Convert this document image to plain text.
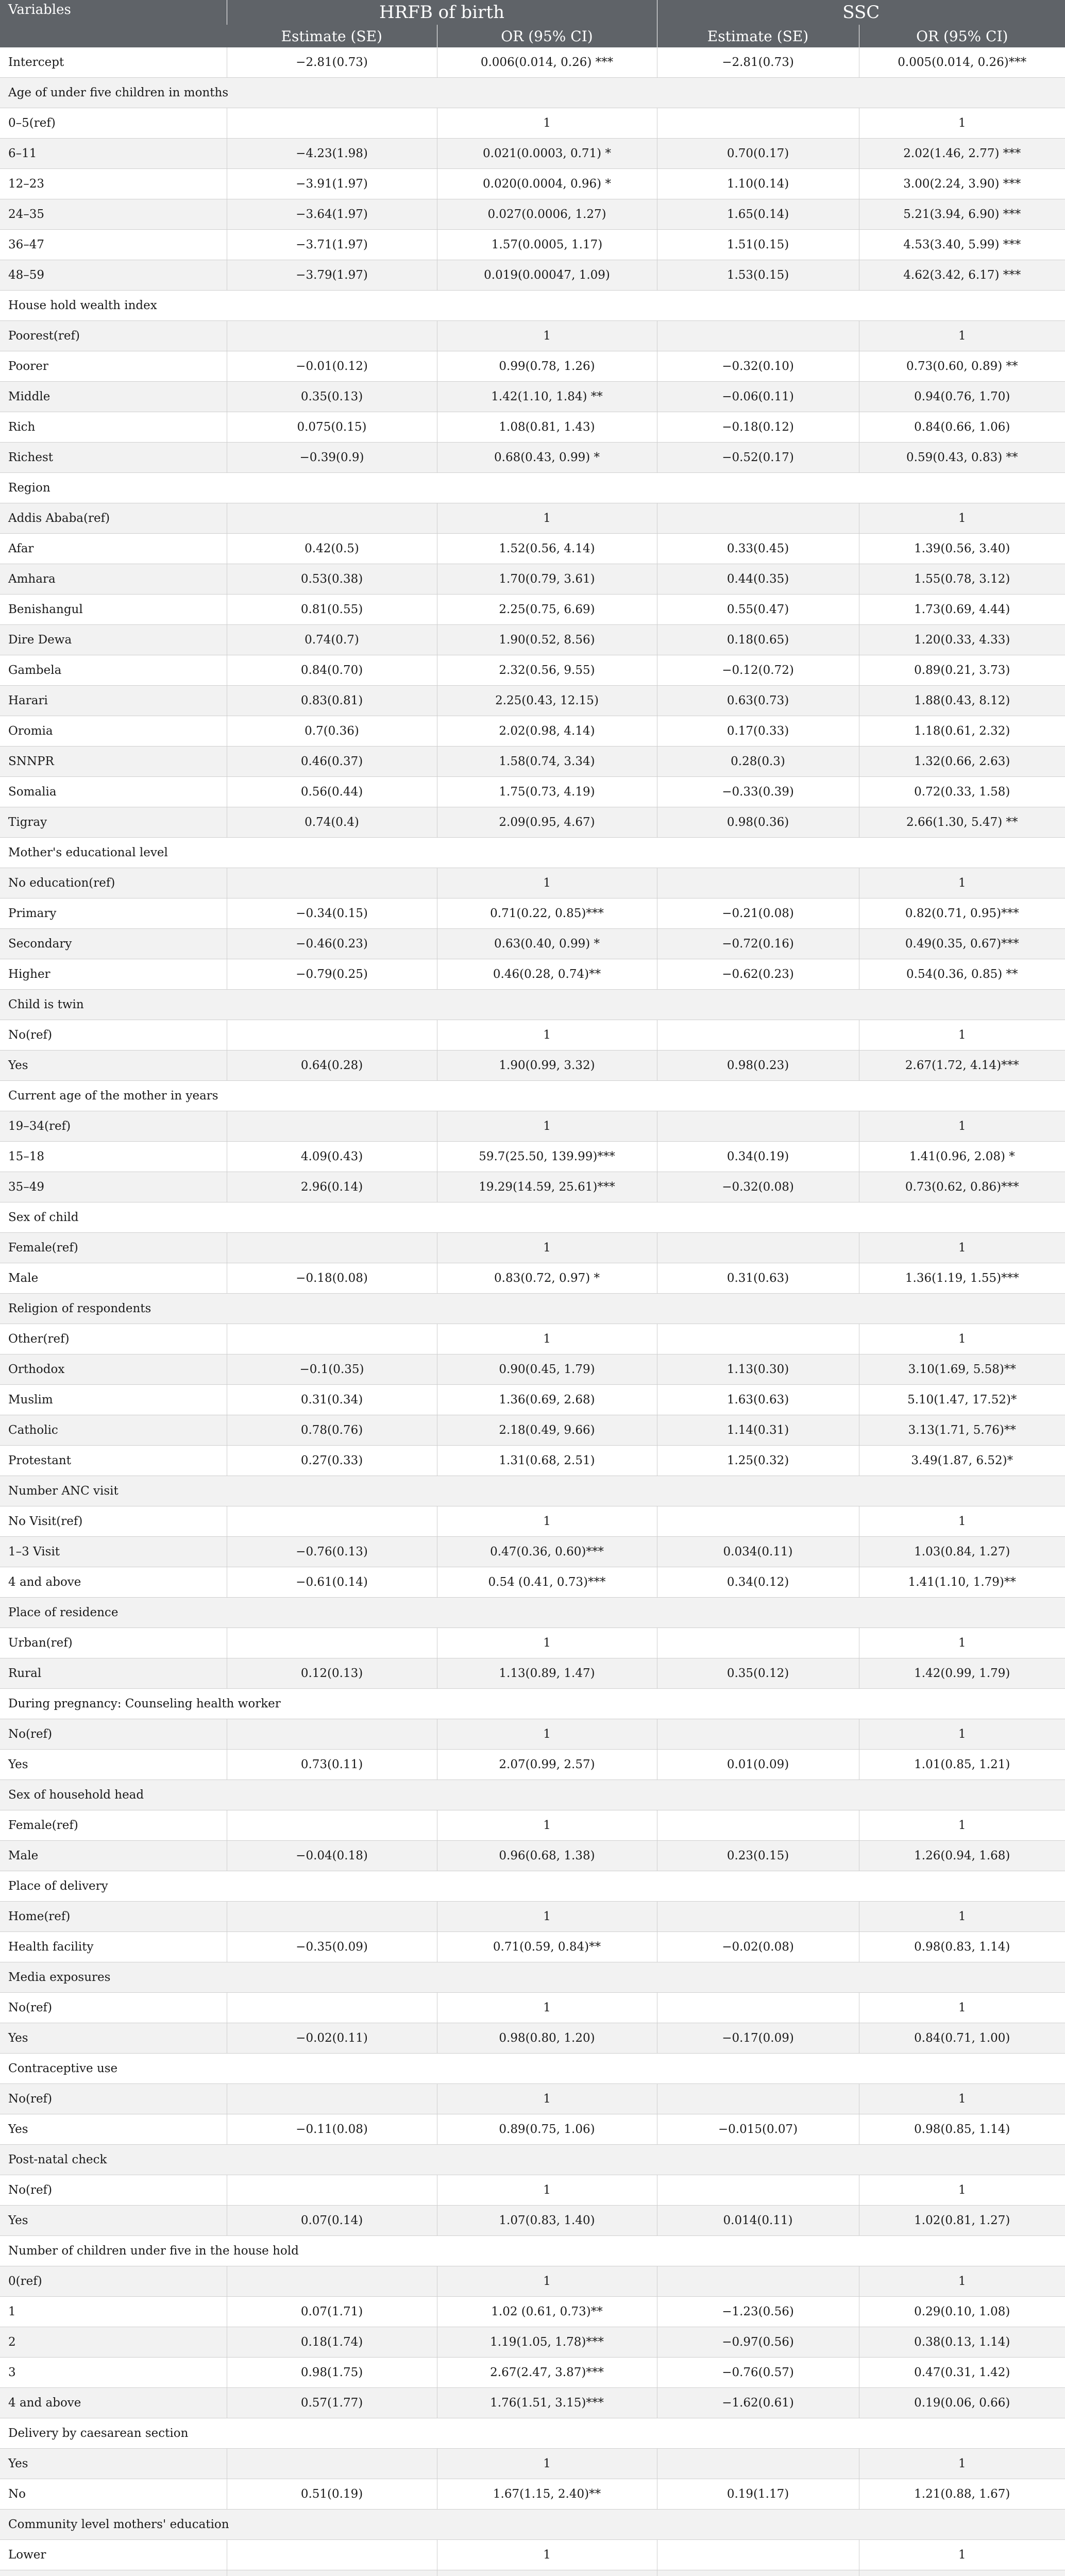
Variables	HRFB of birth		SSC	
	Estimate (SE)	OR (95% CI)	Estimate (SE)	OR (95% CI)
Intercept	−2.81(0.73)	0.006(0.014, 0.26) ***	−2.81(0.73)	0.005(0.014, 0.26)***
Age of under five children in months				
0–5(ref)		1		1
6–11	−4.23(1.98)	0.021(0.0003, 0.71) *	0.70(0.17)	2.02(1.46, 2.77) ***
12–23	−3.91(1.97)	0.020(0.0004, 0.96) *	1.10(0.14)	3.00(2.24, 3.90) ***
24–35	−3.64(1.97)	0.027(0.0006, 1.27)	1.65(0.14)	5.21(3.94, 6.90) ***
36–47	−3.71(1.97)	1.57(0.0005, 1.17)	1.51(0.15)	4.53(3.40, 5.99) ***
48–59	−3.79(1.97)	0.019(0.00047, 1.09)	1.53(0.15)	4.62(3.42, 6.17) ***
House hold wealth index				
Poorest(ref)		1		1
Poorer	−0.01(0.12)	0.99(0.78, 1.26)	−0.32(0.10)	0.73(0.60, 0.89) **
Middle	0.35(0.13)	1.42(1.10, 1.84) **	−0.06(0.11)	0.94(0.76, 1.70)
Rich	0.075(0.15)	1.08(0.81, 1.43)	−0.18(0.12)	0.84(0.66, 1.06)
Richest	−0.39(0.9)	0.68(0.43, 0.99) *	−0.52(0.17)	0.59(0.43, 0.83) **
Region				
Addis Ababa(ref)		1		1
Afar	0.42(0.5)	1.52(0.56, 4.14)	0.33(0.45)	1.39(0.56, 3.40)
Amhara	0.53(0.38)	1.70(0.79, 3.61)	0.44(0.35)	1.55(0.78, 3.12)
Benishangul	0.81(0.55)	2.25(0.75, 6.69)	0.55(0.47)	1.73(0.69, 4.44)
Dire Dewa	0.74(0.7)	1.90(0.52, 8.56)	0.18(0.65)	1.20(0.33, 4.33)
Gambela	0.84(0.70)	2.32(0.56, 9.55)	−0.12(0.72)	0.89(0.21, 3.73)
Harari	0.83(0.81)	2.25(0.43, 12.15)	0.63(0.73)	1.88(0.43, 8.12)
Oromia	0.7(0.36)	2.02(0.98, 4.14)	0.17(0.33)	1.18(0.61, 2.32)
SNNPR	0.46(0.37)	1.58(0.74, 3.34)	0.28(0.3)	1.32(0.66, 2.63)
Somalia	0.56(0.44)	1.75(0.73, 4.19)	−0.33(0.39)	0.72(0.33, 1.58)
Tigray	0.74(0.4)	2.09(0.95, 4.67)	0.98(0.36)	2.66(1.30, 5.47) **
Mother's educational level				
No education(ref)		1		1
Primary	−0.34(0.15)	0.71(0.22, 0.85)***	−0.21(0.08)	0.82(0.71, 0.95)***
Secondary	−0.46(0.23)	0.63(0.40, 0.99) *	−0.72(0.16)	0.49(0.35, 0.67)***
Higher	−0.79(0.25)	0.46(0.28, 0.74)**	−0.62(0.23)	0.54(0.36, 0.85) **
Child is twin				
No(ref)		1		1
Yes	0.64(0.28)	1.90(0.99, 3.32)	0.98(0.23)	2.67(1.72, 4.14)***
Current age of the mother in years				
19–34(ref)		1		1
15–18	4.09(0.43)	59.7(25.50, 139.99)***	0.34(0.19)	1.41(0.96, 2.08) *
35–49	2.96(0.14)	19.29(14.59, 25.61)***	−0.32(0.08)	0.73(0.62, 0.86)***
Sex of child				
Female(ref)		1		1
Male	−0.18(0.08)	0.83(0.72, 0.97) *	0.31(0.63)	1.36(1.19, 1.55)***
Religion of respondents				
Other(ref)		1		1
Orthodox	−0.1(0.35)	0.90(0.45, 1.79)	1.13(0.30)	3.10(1.69, 5.58)**
Muslim	0.31(0.34)	1.36(0.69, 2.68)	1.63(0.63)	5.10(1.47, 17.52)*
Catholic	0.78(0.76)	2.18(0.49, 9.66)	1.14(0.31)	3.13(1.71, 5.76)**
Protestant	0.27(0.33)	1.31(0.68, 2.51)	1.25(0.32)	3.49(1.87, 6.52)*
Number ANC visit				
No Visit(ref)		1		1
1–3 Visit	−0.76(0.13)	0.47(0.36, 0.60)***	0.034(0.11)	1.03(0.84, 1.27)
4 and above	−0.61(0.14)	0.54 (0.41, 0.73)***	0.34(0.12)	1.41(1.10, 1.79)**
Place of residence				
Urban(ref)		1		1
Rural	0.12(0.13)	1.13(0.89, 1.47)	0.35(0.12)	1.42(0.99, 1.79)
During pregnancy: Counseling health worker				
No(ref)		1		1
Yes	0.73(0.11)	2.07(0.99, 2.57)	0.01(0.09)	1.01(0.85, 1.21)
Sex of household head				
Female(ref)		1		1
Male	−0.04(0.18)	0.96(0.68, 1.38)	0.23(0.15)	1.26(0.94, 1.68)
Place of delivery				
Home(ref)		1		1
Health facility	−0.35(0.09)	0.71(0.59, 0.84)**	−0.02(0.08)	0.98(0.83, 1.14)
Media exposures				
No(ref)		1		1
Yes	−0.02(0.11)	0.98(0.80, 1.20)	−0.17(0.09)	0.84(0.71, 1.00)
Contraceptive use				
No(ref)		1		1
Yes	−0.11(0.08)	0.89(0.75, 1.06)	−0.015(0.07)	0.98(0.85, 1.14)
Post-natal check				
No(ref)		1		1
Yes	0.07(0.14)	1.07(0.83, 1.40)	0.014(0.11)	1.02(0.81, 1.27)
Number of children under five in the house hold				
0(ref)		1		1
1	0.07(1.71)	1.02 (0.61, 0.73)**	−1.23(0.56)	0.29(0.10, 1.08)
2	0.18(1.74)	1.19(1.05, 1.78)***	−0.97(0.56)	0.38(0.13, 1.14)
3	0.98(1.75)	2.67(2.47, 3.87)***	−0.76(0.57)	0.47(0.31, 1.42)
4 and above	0.57(1.77)	1.76(1.51, 3.15)***	−1.62(0.61)	0.19(0.06, 0.66)
Delivery by caesarean section				
Yes		1		1
No	0.51(0.19)	1.67(1.15, 2.40)**	0.19(1.17)	1.21(0.88, 1.67)
Community level mothers' education				
Lower		1		1
